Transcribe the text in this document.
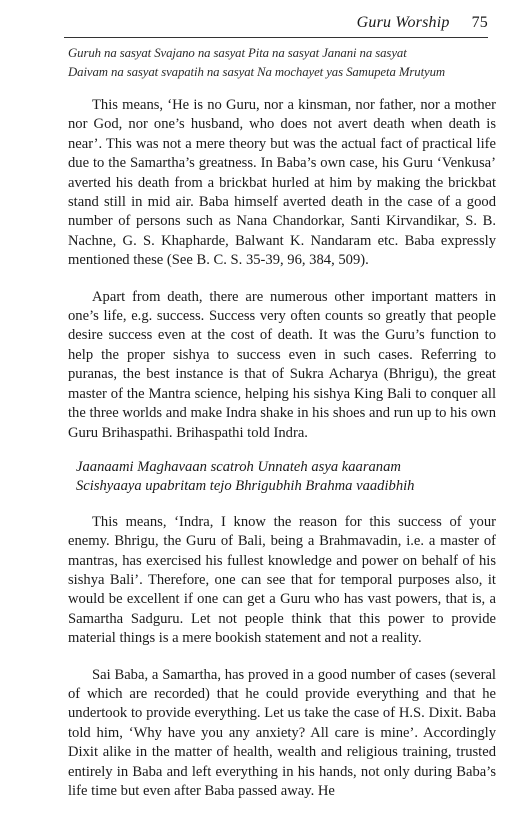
Guru Worship 75
Guruh na sasyat Svajano na sasyat Pita na sasyat Janani na sasyat
Daivam na sasyat svapatih na sasyat Na mochayet yas Samupeta Mrutyum

This means, ‘He is no Guru, nor a kinsman, nor father, nor a mother nor God, nor one’s husband, who does not avert death when death is near’. This was not a mere theory but was the actual fact of practical life due to the Samartha’s greatness. In Baba’s own case, his Guru ‘Venkusa’ averted his death from a brickbat hurled at him by making the brickbat stand still in mid air. Baba himself averted death in the case of a good number of persons such as Nana Chandorkar, Santi Kirvandikar, S. B. Nachne, G. S. Khapharde, Balwant K. Nandaram etc. Baba expressly mentioned these (See B. C. S. 35-39, 96, 384, 509).

Apart from death, there are numerous other important matters in one’s life, e.g. success. Success very often counts so greatly that people desire success even at the cost of death. It was the Guru’s function to help the proper sishya to success even in such cases. Referring to puranas, the best instance is that of Sukra Acharya (Bhrigu), the great master of the Mantra science, helping his sishya King Bali to conquer all the three worlds and make Indra shake in his shoes and run up to his own Guru Brihaspathi. Brihaspathi told Indra.

Jaanaami Maghavaan scatroh Unnateh asya kaaranam
Scishyaaya upabritam tejo Bhrigubhih Brahma vaadibhih

This means, ‘Indra, I know the reason for this success of your enemy. Bhrigu, the Guru of Bali, being a Brahmavadin, i.e. a master of mantras, has exercised his fullest knowledge and power on behalf of his sishya Bali’. Therefore, one can see that for temporal purposes also, it would be excellent if one can get a Guru who has vast powers, that is, a Samartha Sadguru. Let not people think that this power to provide material things is a mere bookish statement and not a reality.

Sai Baba, a Samartha, has proved in a good number of cases (several of which are recorded) that he could provide everything and that he undertook to provide everything. Let us take the case of H.S. Dixit. Baba told him, ‘Why have you any anxiety? All care is mine’. Accordingly Dixit alike in the matter of health, wealth and religious training, trusted entirely in Baba and left everything in his hands, not only during Baba’s life time but even after Baba passed away. He
